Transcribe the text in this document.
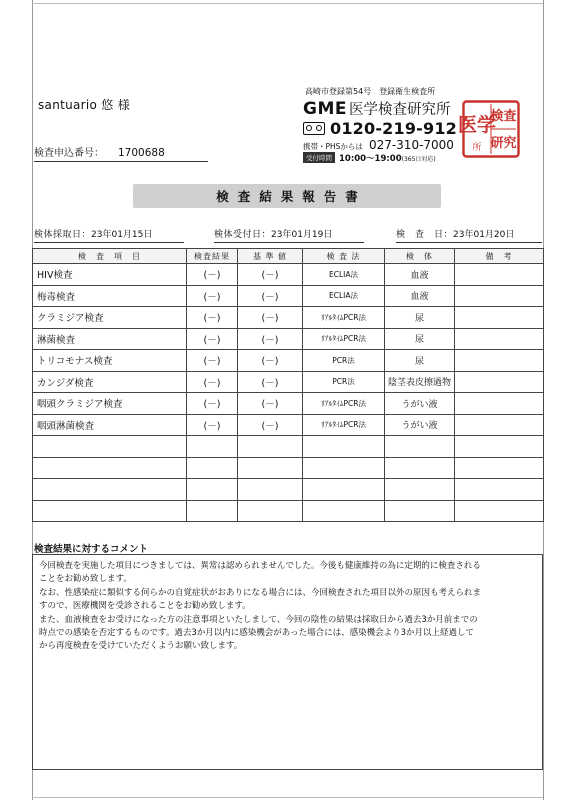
santuario 悠 様
検査申込番号： 1700688
高崎市登録第54号　登録衛生検査所
GME 医学検査研究所
0120-219-912
携帯・PHSからは 027-310-7000
受付時間 10:00～19:00(365日対応)
医学
検査
研究
所
検査結果報告書
検体採取日：23年01月15日	検体受付日：23年01月19日	検　査　日：23年01月20日
検　査　項　目	検査結果	基 準 値	検 査 法	検　体	備　考
HIV検査	(－)	(－)	ECLIA法	血液	
梅毒検査	(－)	(－)	ECLIA法	血液	
クラミジア検査	(－)	(－)	ﾘｱﾙﾀｲﾑPCR法	尿	
淋菌検査	(－)	(－)	ﾘｱﾙﾀｲﾑPCR法	尿	
トリコモナス検査	(－)	(－)	PCR法	尿	
カンジダ検査	(－)	(－)	PCR法	陰茎表皮擦過物	
咽頭クラミジア検査	(－)	(－)	ﾘｱﾙﾀｲﾑPCR法	うがい液	
咽頭淋菌検査	(－)	(－)	ﾘｱﾙﾀｲﾑPCR法	うがい液	

検査結果に対するコメント

今回検査を実施した項目につきましては、異常は認められませんでした。今後も健康維持の為に定期的に検査される

ことをお勧め致します。

なお、性感染症に類似する何らかの自覚症状がおありになる場合には、今回検査された項目以外の原因も考えられま

すので、医療機関を受診されることをお勧め致します。

また、血液検査をお受けになった方の注意事項といたしまして、今回の陰性の結果は採取日から過去3か月前までの

時点での感染を否定するものです。過去3か月以内に感染機会があった場合には、感染機会より3か月以上経過して

から再度検査を受けていただくようお願い致します。
